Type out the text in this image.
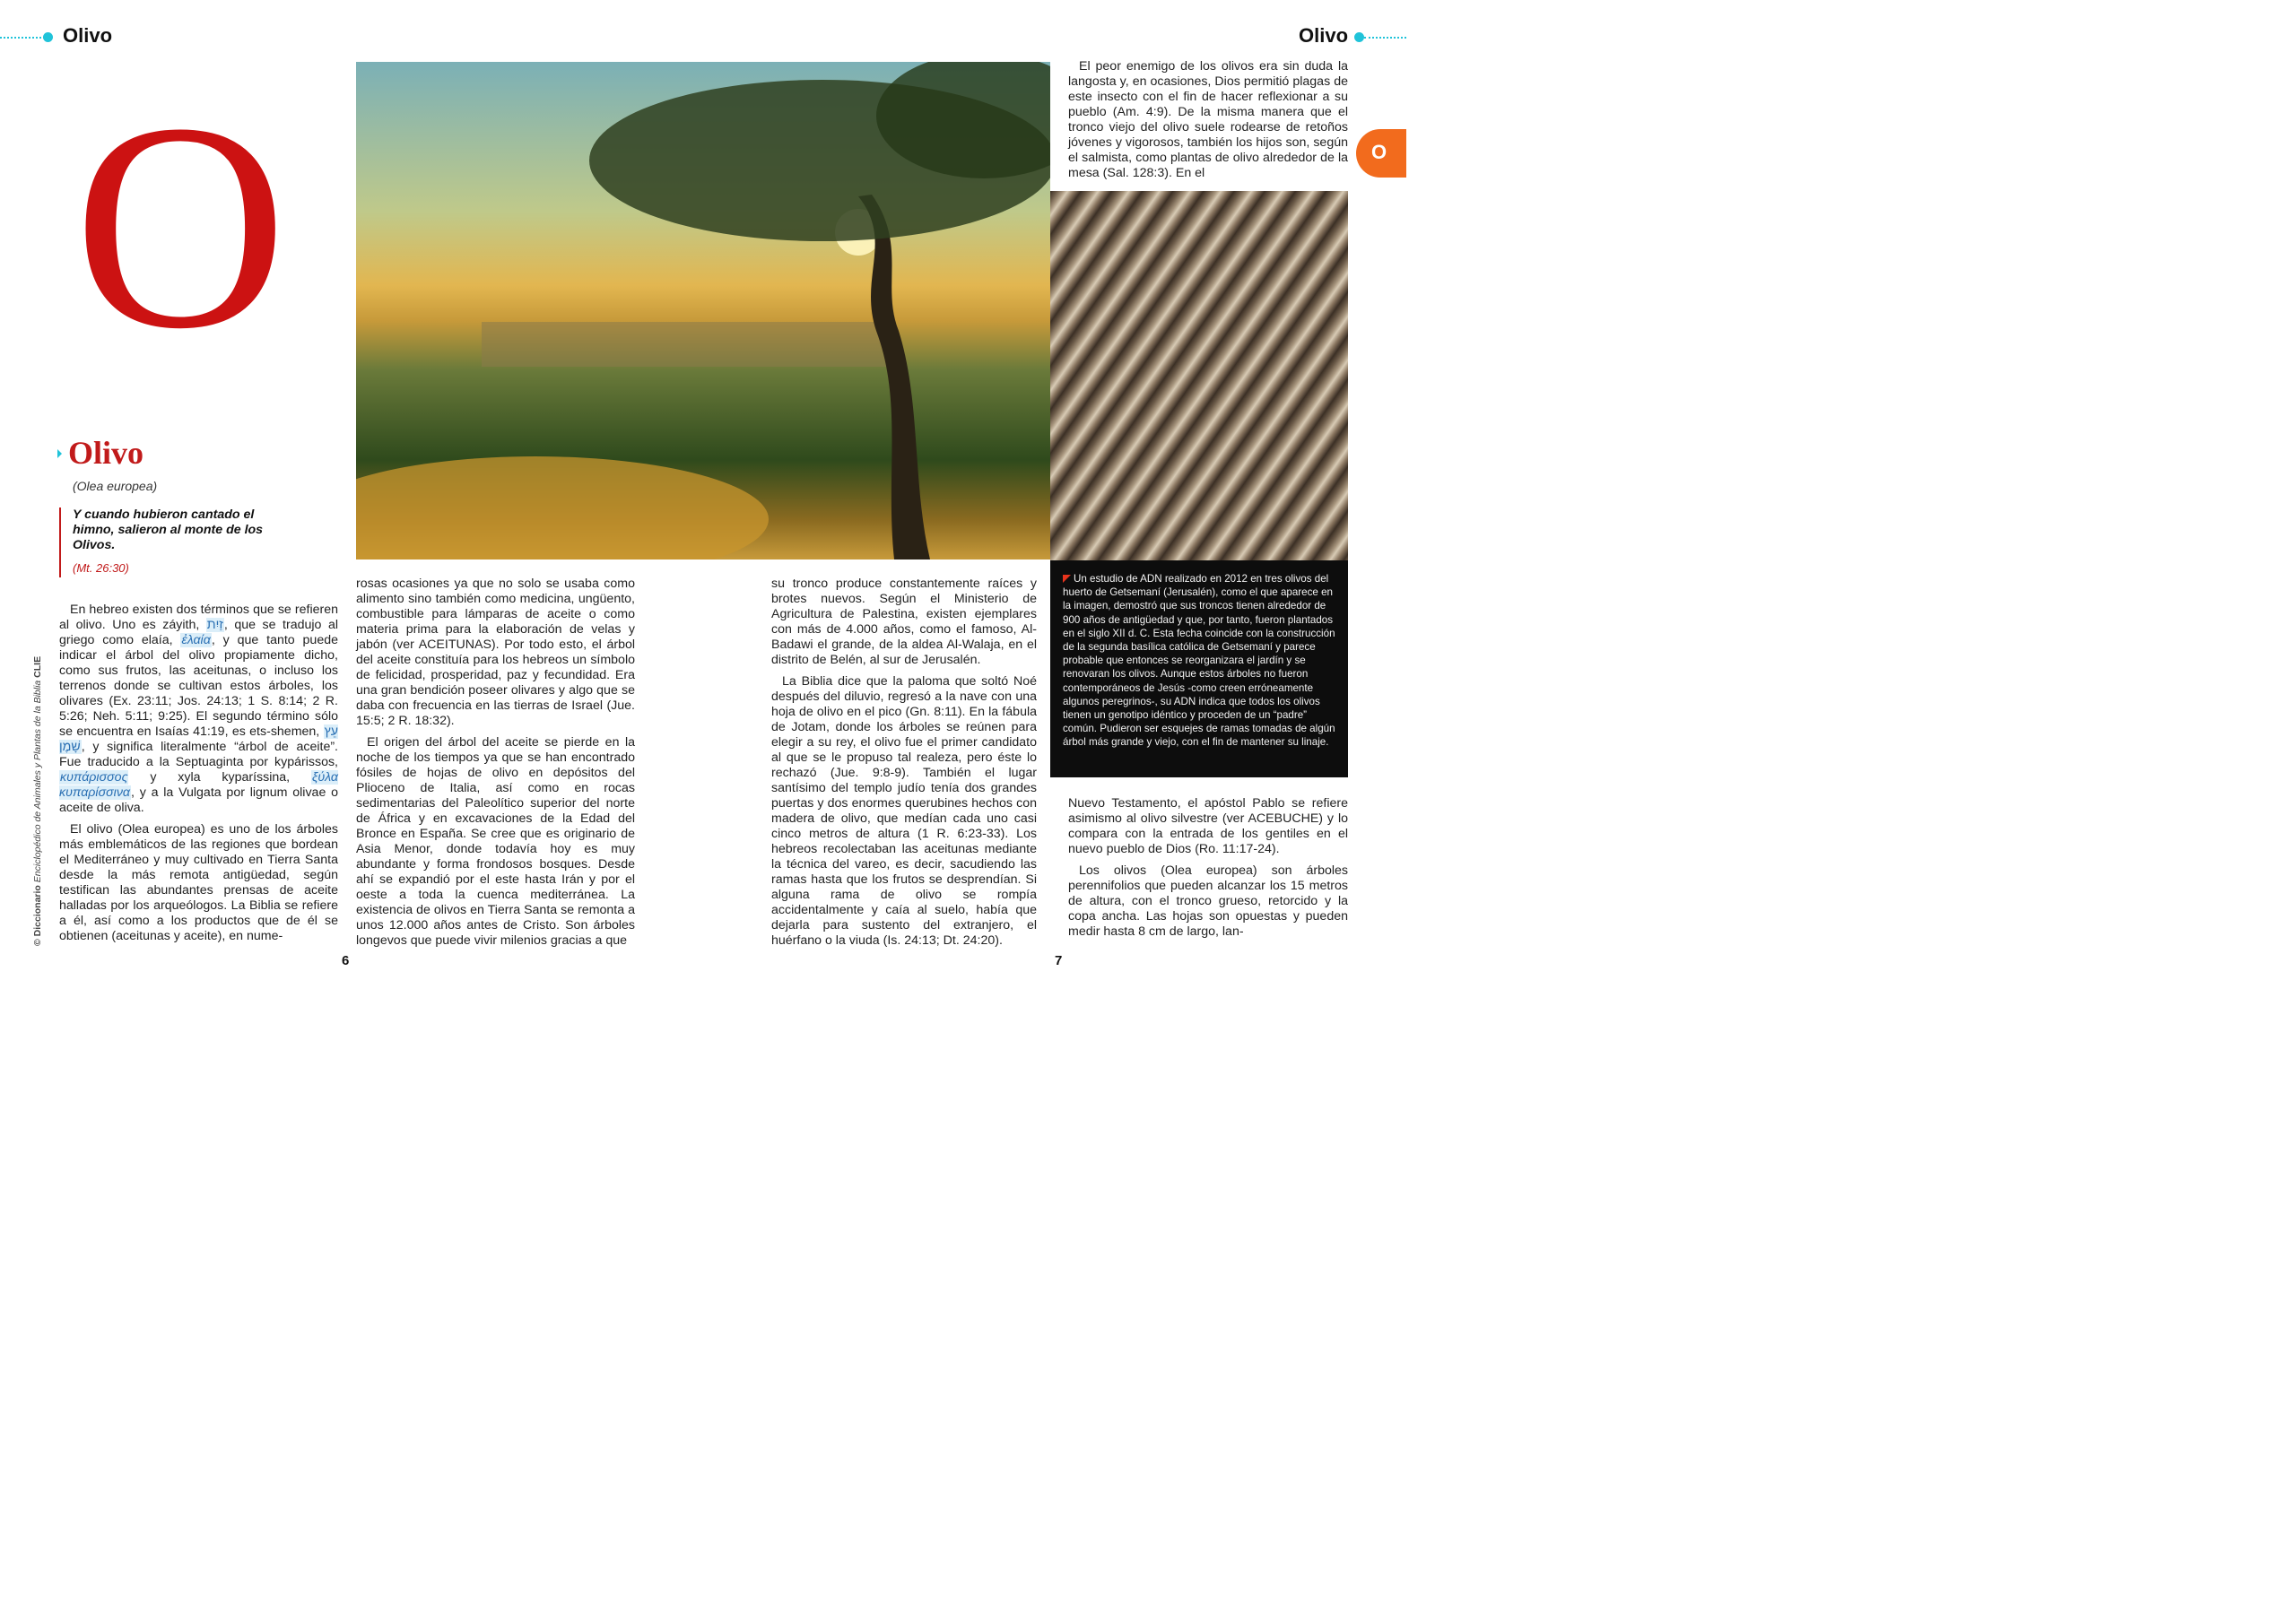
Olivo	Olivo
O
O
Olivo
(Olea europea)
Y cuando hubieron cantado el himno, salieron al monte de los Olivos.
(Mt. 26:30)
© Diccionario Enciclopédico de Animales y Plantas de la Biblia CLIE

En hebreo existen dos términos que se refieren al olivo. Uno es záyith, זַיִת, que se tradujo al griego como elaía, ἐλαία, y que tanto puede indicar el árbol del olivo propiamente dicho, como sus frutos, las aceitunas, o incluso los terrenos donde se cultivan estos árboles, los olivares (Ex. 23:11; Jos. 24:13; 1 S. 8:14; 2 R. 5:26; Neh. 5:11; 9:25). El segundo término sólo se encuentra en Isaías 41:19, es ets-shemen, עֵץ שָׁמֶן, y significa literalmente “árbol de aceite”. Fue traducido a la Septuaginta por kypárissos, κυπάρισσος y xyla kyparíssina, ξύλα κυπαρίσσινα, y a la Vulgata por lignum olivae o aceite de oliva.

El olivo (Olea europea) es uno de los árboles más emblemáticos de las regiones que bordean el Mediterráneo y muy cultivado en Tierra Santa desde la más remota antigüedad, según testifican las abundantes prensas de aceite halladas por los arqueólogos. La Biblia se refiere a él, así como a los productos que de él se obtienen (aceitunas y aceite), en nume-

rosas ocasiones ya que no solo se usaba como alimento sino también como medicina, ungüento, combustible para lámparas de aceite o como materia prima para la elaboración de velas y jabón (ver ACEITUNAS). Por todo esto, el árbol del aceite constituía para los hebreos un símbolo de felicidad, prosperidad, paz y fecundidad. Era una gran bendición poseer olivares y algo que se daba con frecuencia en las tierras de Israel (Jue. 15:5; 2 R. 18:32).

El origen del árbol del aceite se pierde en la noche de los tiempos ya que se han encontrado fósiles de hojas de olivo en depósitos del Plioceno de Italia, así como en rocas sedimentarias del Paleolítico superior del norte de África y en excavaciones de la Edad del Bronce en España. Se cree que es originario de Asia Menor, donde todavía hoy es muy abundante y forma frondosos bosques. Desde ahí se expandió por el este hasta Irán y por el oeste a toda la cuenca mediterránea. La existencia de olivos en Tierra Santa se remonta a unos 12.000 años antes de Cristo. Son árboles longevos que puede vivir milenios gracias a que

su tronco produce constantemente raíces y brotes nuevos. Según el Ministerio de Agricultura de Palestina, existen ejemplares con más de 4.000 años, como el famoso, Al-Badawi el grande, de la aldea Al-Walaja, en el distrito de Belén, al sur de Jerusalén.

La Biblia dice que la paloma que soltó Noé después del diluvio, regresó a la nave con una hoja de olivo en el pico (Gn. 8:11). En la fábula de Jotam, donde los árboles se reúnen para elegir a su rey, el olivo fue el primer candidato al que se le propuso tal realeza, pero éste lo rechazó (Jue. 9:8-9). También el lugar santísimo del templo judío tenía dos grandes puertas y dos enormes querubines hechos con madera de olivo, que medían cada uno casi cinco metros de altura (1 R. 6:23-33). Los hebreos recolectaban las aceitunas mediante la técnica del vareo, es decir, sacudiendo las ramas hasta que los frutos se desprendían. Si alguna rama de olivo se rompía accidentalmente y caía al suelo, había que dejarla para sustento del extranjero, el huérfano o la viuda (Is. 24:13; Dt. 24:20).

El peor enemigo de los olivos era sin duda la langosta y, en ocasiones, Dios permitió plagas de este insecto con el fin de hacer reflexionar a su pueblo (Am. 4:9). De la misma manera que el tronco viejo del olivo suele rodearse de retoños jóvenes y vigorosos, también los hijos son, según el salmista, como plantas de olivo alrededor de la mesa (Sal. 128:3). En el

Un estudio de ADN realizado en 2012 en tres olivos del huerto de Getsemaní (Jerusalén), como el que aparece en la imagen, demostró que sus troncos tienen alrededor de 900 años de antigüedad y que, por tanto, fueron plantados en el siglo XII d. C. Esta fecha coincide con la construcción de la segunda basílica católica de Getsemaní y parece probable que entonces se reorganizara el jardín y se renovaran los olivos. Aunque estos árboles no fueron contemporáneos de Jesús -como creen erróneamente algunos peregrinos-, su ADN indica que todos los olivos tienen un genotipo idéntico y proceden de un “padre” común. Pudieron ser esquejes de ramas tomadas de algún árbol más grande y viejo, con el fin de mantener su linaje.

Nuevo Testamento, el apóstol Pablo se refiere asimismo al olivo silvestre (ver ACEBUCHE) y lo compara con la entrada de los gentiles en el nuevo pueblo de Dios (Ro. 11:17-24).

Los olivos (Olea europea) son árboles perennifolios que pueden alcanzar los 15 metros de altura, con el tronco grueso, retorcido y la copa ancha. Las hojas son opuestas y pueden medir hasta 8 cm de largo, lan-

6	7
